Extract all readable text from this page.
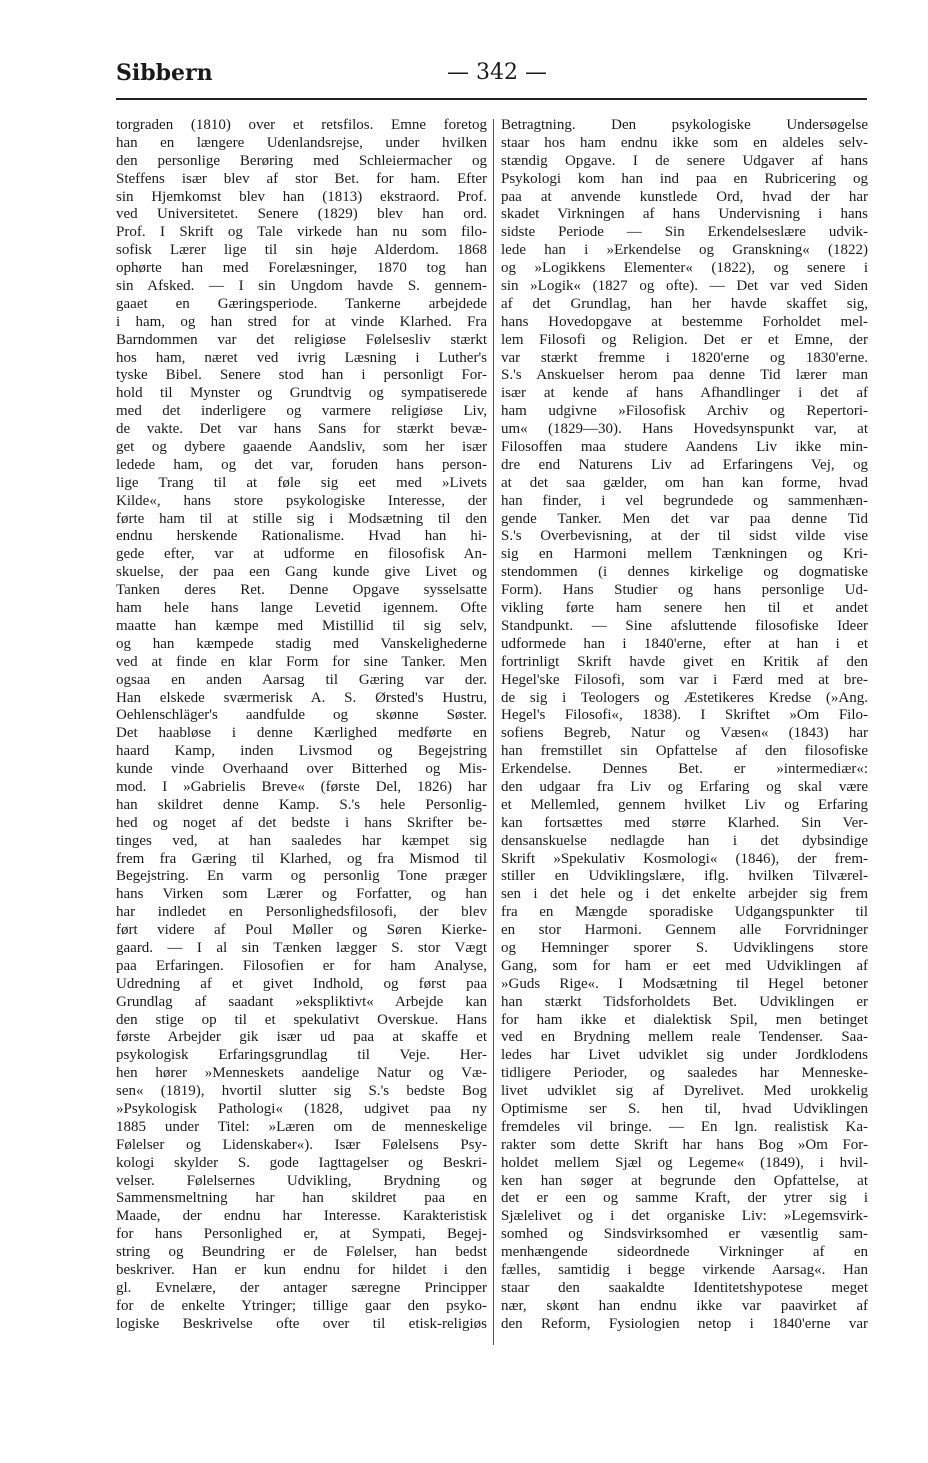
Sibbern	— 342 —
torgraden (1810) over et retsfilos. Emne foretog
han en længere Udenlandsrejse, under hvilken
den personlige Berøring med Schleiermacher og
Steffens især blev af stor Bet. for ham. Efter
sin Hjemkomst blev han (1813) ekstraord. Prof.
ved Universitetet. Senere (1829) blev han ord.
Prof. I Skrift og Tale virkede han nu som filo-
sofisk Lærer lige til sin høje Alderdom. 1868
ophørte han med Forelæsninger, 1870 tog han
sin Afsked. — I sin Ungdom havde S. gennem-
gaaet en Gæringsperiode. Tankerne arbejdede
i ham, og han stred for at vinde Klarhed. Fra
Barndommen var det religiøse Følelsesliv stærkt
hos ham, næret ved ivrig Læsning i Luther's
tyske Bibel. Senere stod han i personligt For-
hold til Mynster og Grundtvig og sympatiserede
med det inderligere og varmere religiøse Liv,
de vakte. Det var hans Sans for stærkt bevæ-
get og dybere gaaende Aandsliv, som her især
ledede ham, og det var, foruden hans person-
lige Trang til at føle sig eet med »Livets
Kilde«, hans store psykologiske Interesse, der
førte ham til at stille sig i Modsætning til den
endnu herskende Rationalisme. Hvad han hi-
gede efter, var at udforme en filosofisk An-
skuelse, der paa een Gang kunde give Livet og
Tanken deres Ret. Denne Opgave sysselsatte
ham hele hans lange Levetid igennem. Ofte
maatte han kæmpe med Mistillid til sig selv,
og han kæmpede stadig med Vanskelighederne
ved at finde en klar Form for sine Tanker. Men
ogsaa en anden Aarsag til Gæring var der.
Han elskede sværmerisk A. S. Ørsted's Hustru,
Oehlenschläger's aandfulde og skønne Søster.
Det haabløse i denne Kærlighed medførte en
haard Kamp, inden Livsmod og Begejstring
kunde vinde Overhaand over Bitterhed og Mis-
mod. I »Gabrielis Breve« (første Del, 1826) har
han skildret denne Kamp. S.'s hele Personlig-
hed og noget af det bedste i hans Skrifter be-
tinges ved, at han saaledes har kæmpet sig
frem fra Gæring til Klarhed, og fra Mismod til
Begejstring. En varm og personlig Tone præger
hans Virken som Lærer og Forfatter, og han
har indledet en Personlighedsfilosofi, der blev
ført videre af Poul Møller og Søren Kierke-
gaard. — I al sin Tænken lægger S. stor Vægt
paa Erfaringen. Filosofien er for ham Analyse,
Udredning af et givet Indhold, og først paa
Grundlag af saadant »ekspliktivt« Arbejde kan
den stige op til et spekulativt Overskue. Hans
første Arbejder gik især ud paa at skaffe et
psykologisk Erfaringsgrundlag til Veje. Her-
hen hører »Menneskets aandelige Natur og Væ-
sen« (1819), hvortil slutter sig S.'s bedste Bog
»Psykologisk Pathologi« (1828, udgivet paa ny
1885 under Titel: »Læren om de menneskelige
Følelser og Lidenskaber«). Især Følelsens Psy-
kologi skylder S. gode Iagttagelser og Beskri-
velser. Følelsernes Udvikling, Brydning og
Sammensmeltning har han skildret paa en
Maade, der endnu har Interesse. Karakteristisk
for hans Personlighed er, at Sympati, Begej-
string og Beundring er de Følelser, han bedst
beskriver. Han er kun endnu for hildet i den
gl. Evnelære, der antager særegne Principper
for de enkelte Ytringer; tillige gaar den psyko-
logiske Beskrivelse ofte over til etisk-religiøs
Betragtning. Den psykologiske Undersøgelse
staar hos ham endnu ikke som en aldeles selv-
stændig Opgave. I de senere Udgaver af hans
Psykologi kom han ind paa en Rubricering og
paa at anvende kunstlede Ord, hvad der har
skadet Virkningen af hans Undervisning i hans
sidste Periode — Sin Erkendelseslære udvik-
lede han i »Erkendelse og Granskning« (1822)
og »Logikkens Elementer« (1822), og senere i
sin »Logik« (1827 og ofte). — Det var ved Siden
af det Grundlag, han her havde skaffet sig,
hans Hovedopgave at bestemme Forholdet mel-
lem Filosofi og Religion. Det er et Emne, der
var stærkt fremme i 1820'erne og 1830'erne.
S.'s Anskuelser herom paa denne Tid lærer man
især at kende af hans Afhandlinger i det af
ham udgivne »Filosofisk Archiv og Repertori-
um« (1829—30). Hans Hovedsynspunkt var, at
Filosoffen maa studere Aandens Liv ikke min-
dre end Naturens Liv ad Erfaringens Vej, og
at det saa gælder, om han kan forme, hvad
han finder, i vel begrundede og sammenhæn-
gende Tanker. Men det var paa denne Tid
S.'s Overbevisning, at der til sidst vilde vise
sig en Harmoni mellem Tænkningen og Kri-
stendommen (i dennes kirkelige og dogmatiske
Form). Hans Studier og hans personlige Ud-
vikling førte ham senere hen til et andet
Standpunkt. — Sine afsluttende filosofiske Ideer
udformede han i 1840'erne, efter at han i et
fortrinligt Skrift havde givet en Kritik af den
Hegel'ske Filosofi, som var i Færd med at bre-
de sig i Teologers og Æstetikeres Kredse (»Ang.
Hegel's Filosofi«, 1838). I Skriftet »Om Filo-
sofiens Begreb, Natur og Væsen« (1843) har
han fremstillet sin Opfattelse af den filosofiske
Erkendelse. Dennes Bet. er »intermediær«:
den udgaar fra Liv og Erfaring og skal være
et Mellemled, gennem hvilket Liv og Erfaring
kan fortsættes med større Klarhed. Sin Ver-
densanskuelse nedlagde han i det dybsindige
Skrift »Spekulativ Kosmologi« (1846), der frem-
stiller en Udviklingslære, iflg. hvilken Tilværel-
sen i det hele og i det enkelte arbejder sig frem
fra en Mængde sporadiske Udgangspunkter til
en stor Harmoni. Gennem alle Forvridninger
og Hemninger sporer S. Udviklingens store
Gang, som for ham er eet med Udviklingen af
»Guds Rige«. I Modsætning til Hegel betoner
han stærkt Tidsforholdets Bet. Udviklingen er
for ham ikke et dialektisk Spil, men betinget
ved en Brydning mellem reale Tendenser. Saa-
ledes har Livet udviklet sig under Jordklodens
tidligere Perioder, og saaledes har Menneske-
livet udviklet sig af Dyrelivet. Med urokkelig
Optimisme ser S. hen til, hvad Udviklingen
fremdeles vil bringe. — En lgn. realistisk Ka-
rakter som dette Skrift har hans Bog »Om For-
holdet mellem Sjæl og Legeme« (1849), i hvil-
ken han søger at begrunde den Opfattelse, at
det er een og samme Kraft, der ytrer sig i
Sjælelivet og i det organiske Liv: »Legemsvirk-
somhed og Sindsvirksomhed er væsentlig sam-
menhængende sideordnede Virkninger af en
fælles, samtidig i begge virkende Aarsag«. Han
staar den saakaldte Identitetshypotese meget
nær, skønt han endnu ikke var paavirket af
den Reform, Fysiologien netop i 1840'erne var
